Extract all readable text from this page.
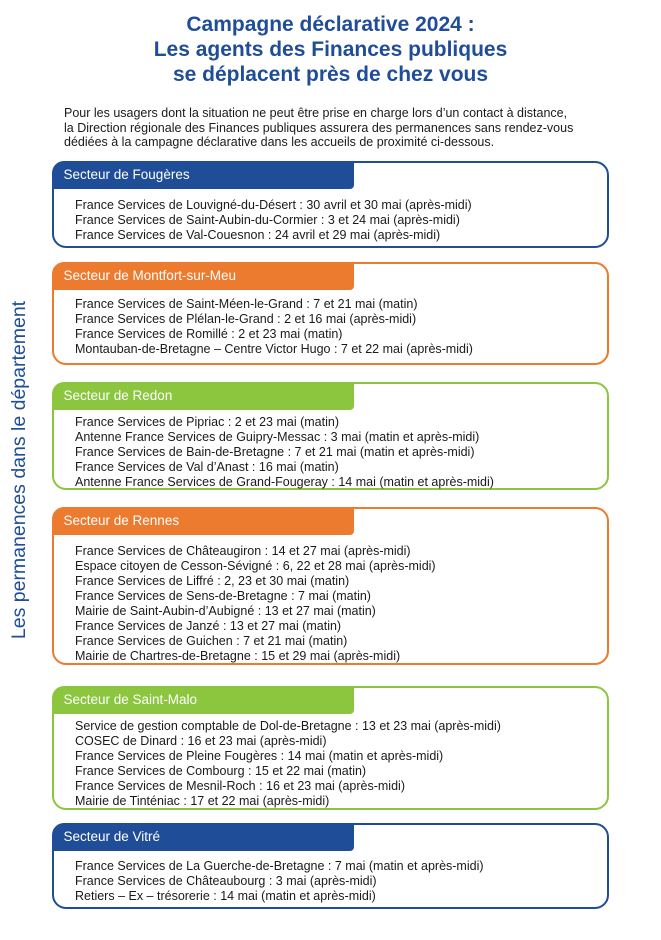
Campagne déclarative 2024 :
Les agents des Finances publiques
se déplacent près de chez vous
Pour les usagers dont la situation ne peut être prise en charge lors d’un contact à distance,
la Direction régionale des Finances publiques assurera des permanences sans rendez-vous
dédiées à la campagne déclarative dans les accueils de proximité ci-dessous.
Les permanences dans le département
Secteur de Fougères
France Services de Louvigné-du-Désert : 30 avril et 30 mai (après-midi)
France Services de Saint-Aubin-du-Cormier : 3 et 24 mai (après-midi)
France Services de Val-Couesnon : 24 avril et 29 mai (après-midi)
Secteur de Montfort-sur-Meu
France Services de Saint-Méen-le-Grand : 7 et 21 mai (matin)
France Services de Plélan-le-Grand : 2 et 16 mai (après-midi)
France Services de Romillé : 2 et 23 mai (matin)
Montauban-de-Bretagne – Centre Victor Hugo : 7 et 22 mai (après-midi)
Secteur de Redon
France Services de Pipriac : 2 et 23 mai (matin)
Antenne France Services de Guipry-Messac : 3 mai (matin et après-midi)
France Services de Bain-de-Bretagne : 7 et 21 mai (matin et après-midi)
France Services de Val d’Anast : 16 mai (matin)
Antenne France Services de Grand-Fougeray : 14 mai (matin et après-midi)
Secteur de Rennes
France Services de Châteaugiron : 14 et 27 mai (après-midi)
Espace citoyen de Cesson-Sévigné : 6, 22 et 28 mai (après-midi)
France Services de Liffré : 2, 23 et 30 mai (matin)
France Services de Sens-de-Bretagne : 7 mai (matin)
Mairie de Saint-Aubin-d’Aubigné : 13 et 27 mai (matin)
France Services de Janzé : 13 et 27 mai (matin)
France Services de Guichen : 7 et 21 mai (matin)
Mairie de Chartres-de-Bretagne : 15 et 29 mai (après-midi)
Secteur de Saint-Malo
Service de gestion comptable de Dol-de-Bretagne : 13 et 23 mai (après-midi)
COSEC de Dinard : 16 et 23 mai (après-midi)
France Services de Pleine Fougères : 14 mai (matin et après-midi)
France Services de Combourg : 15 et 22 mai (matin)
France Services de Mesnil-Roch : 16 et 23 mai (après-midi)
Mairie de Tinténiac : 17 et 22 mai (après-midi)
Secteur de Vitré
France Services de La Guerche-de-Bretagne : 7 mai (matin et après-midi)
France Services de Châteaubourg : 3 mai (après-midi)
Retiers – Ex – trésorerie : 14 mai (matin et après-midi)
